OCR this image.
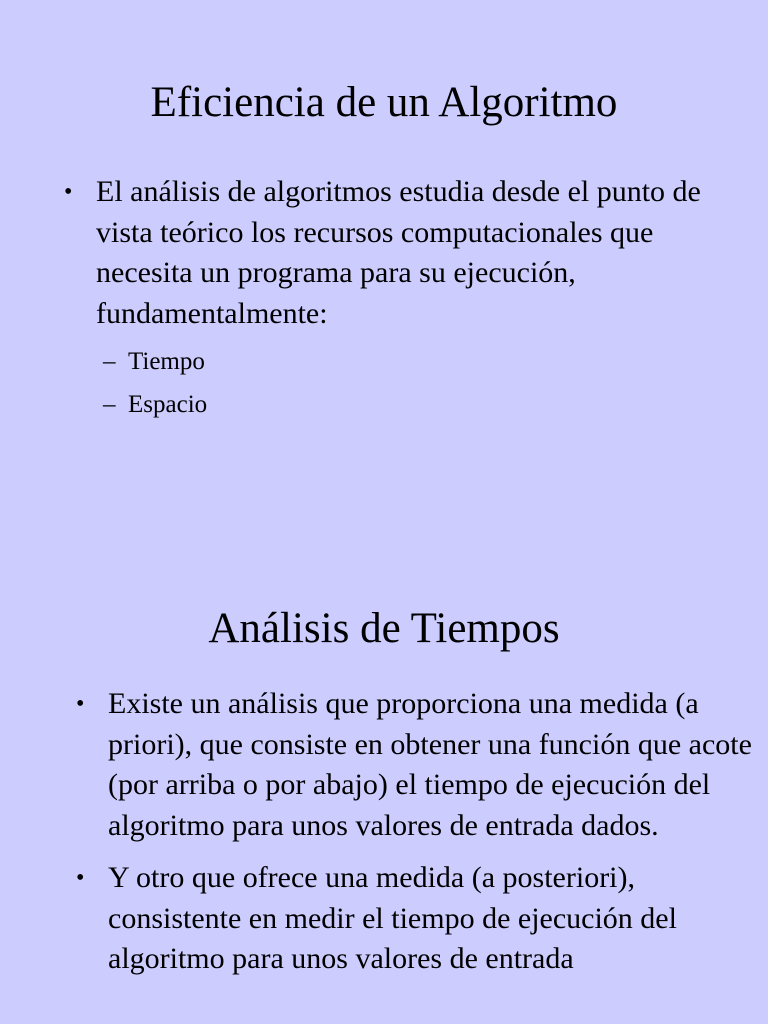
Eficiencia de un Algoritmo
• El análisis de algoritmos estudia desde el punto de vista teórico los recursos computacionales que necesita un programa para su ejecución, fundamentalmente:
– Tiempo
– Espacio
Análisis de Tiempos
• Existe un análisis que proporciona una medida (a priori), que consiste en obtener una función que acote (por arriba o por abajo) el tiempo de ejecución del algoritmo para unos valores de entrada dados.
• Y otro que ofrece una medida (a posteriori), consistente en medir el tiempo de ejecución del algoritmo para unos valores de entrada
